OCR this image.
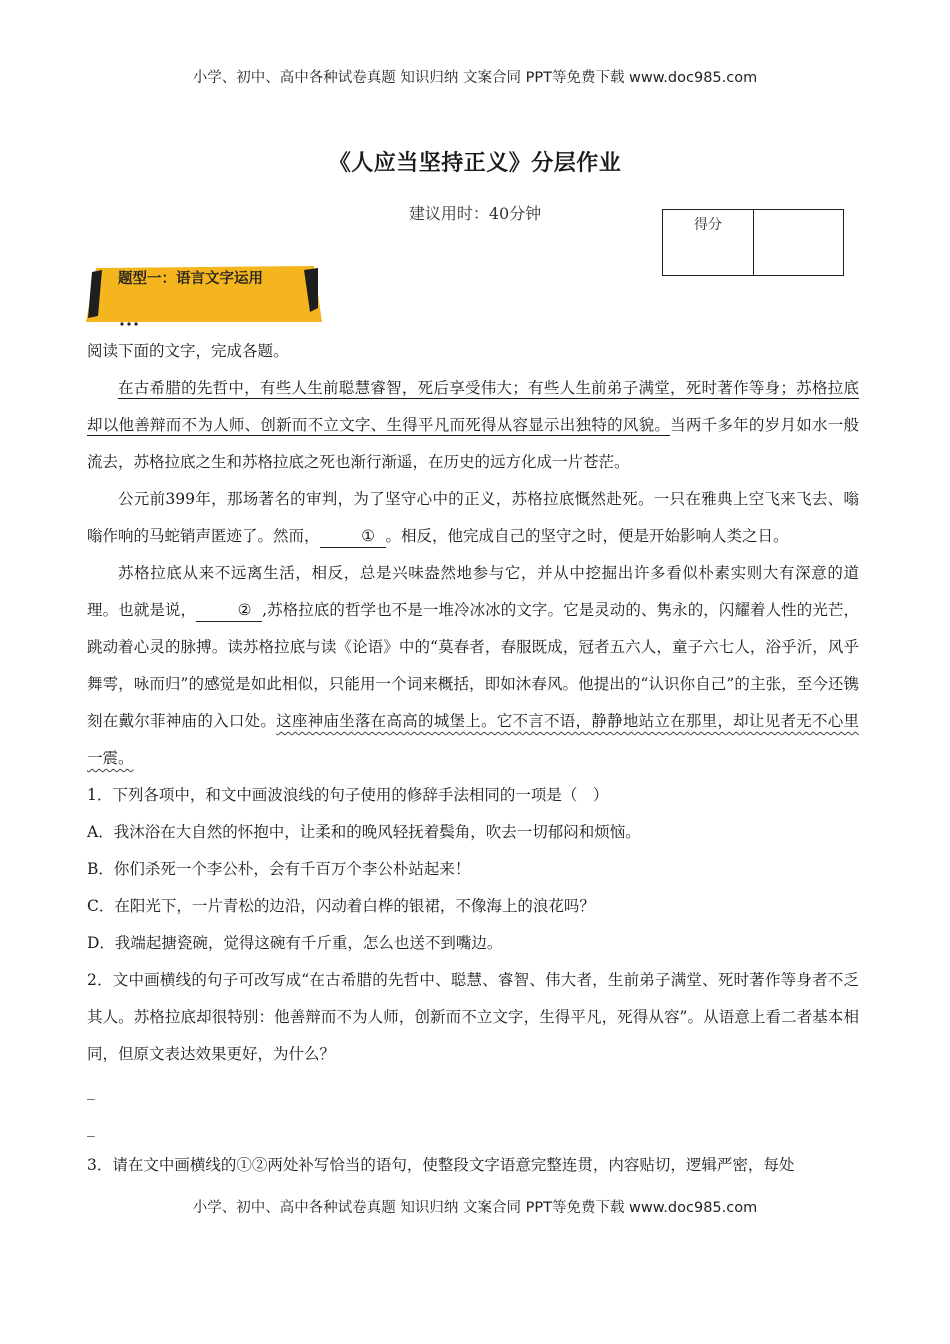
小学、初中、高中各种试卷真题 知识归纳 文案合同 PPT等免费下载 www.doc985.com
《人应当坚持正义》分层作业
建议用时：40分钟
得分
题型一：语言文字运用

阅读下面的文字，完成各题。

在古希腊的先哲中，有些人生前聪慧睿智，死后享受伟大；有些人生前弟子满堂，死时著作等身；苏格拉底却以他善辩而不为人师、创新而不立文字、生得平凡而死得从容显示出独特的风貌。当两千多年的岁月如水一般流去，苏格拉底之生和苏格拉底之死也渐行渐遥，在历史的远方化成一片苍茫。

公元前399年，那场著名的审判，为了坚守心中的正义，苏格拉底慨然赴死。一只在雅典上空飞来飞去、嗡嗡作响的马蛇销声匿迹了。然而，	① 。相反，他完成自己的坚守之时，便是开始影响人类之日。

苏格拉底从来不远离生活，相反，总是兴味盎然地参与它，并从中挖掘出许多看似朴素实则大有深意的道理。也就是说，	② ,苏格拉底的哲学也不是一堆冷冰冰的文字。它是灵动的、隽永的，闪耀着人性的光芒，跳动着心灵的脉搏。读苏格拉底与读《论语》中的“莫春者，春服既成，冠者五六人，童子六七人，浴乎沂，风乎舞雩，咏而归”的感觉是如此相似，只能用一个词来概括，即如沐春风。他提出的“认识你自己”的主张，至今还镌刻在戴尔菲神庙的入口处。这座神庙坐落在高高的城堡上。它不言不语，静静地站立在那里，却让见者无不心里一震。

1．下列各项中，和文中画波浪线的句子使用的修辞手法相同的一项是（　）

A．我沐浴在大自然的怀抱中，让柔和的晚风轻抚着鬓角，吹去一切郁闷和烦恼。

B．你们杀死一个李公朴，会有千百万个李公朴站起来！

C．在阳光下，一片青松的边沿，闪动着白桦的银裙，不像海上的浪花吗？

D．我端起搪瓷碗，觉得这碗有千斤重，怎么也送不到嘴边。

2．文中画横线的句子可改写成“在古希腊的先哲中、聪慧、睿智、伟大者，生前弟子满堂、死时著作等身者不乏其人。苏格拉底却很特别：他善辩而不为人师，创新而不立文字，生得平凡，死得从容”。从语意上看二者基本相同，但原文表达效果更好，为什么？

_

_

3．请在文中画横线的①②两处补写恰当的语句，使整段文字语意完整连贯，内容贴切，逻辑严密，每处

小学、初中、高中各种试卷真题 知识归纳 文案合同 PPT等免费下载 www.doc985.com
